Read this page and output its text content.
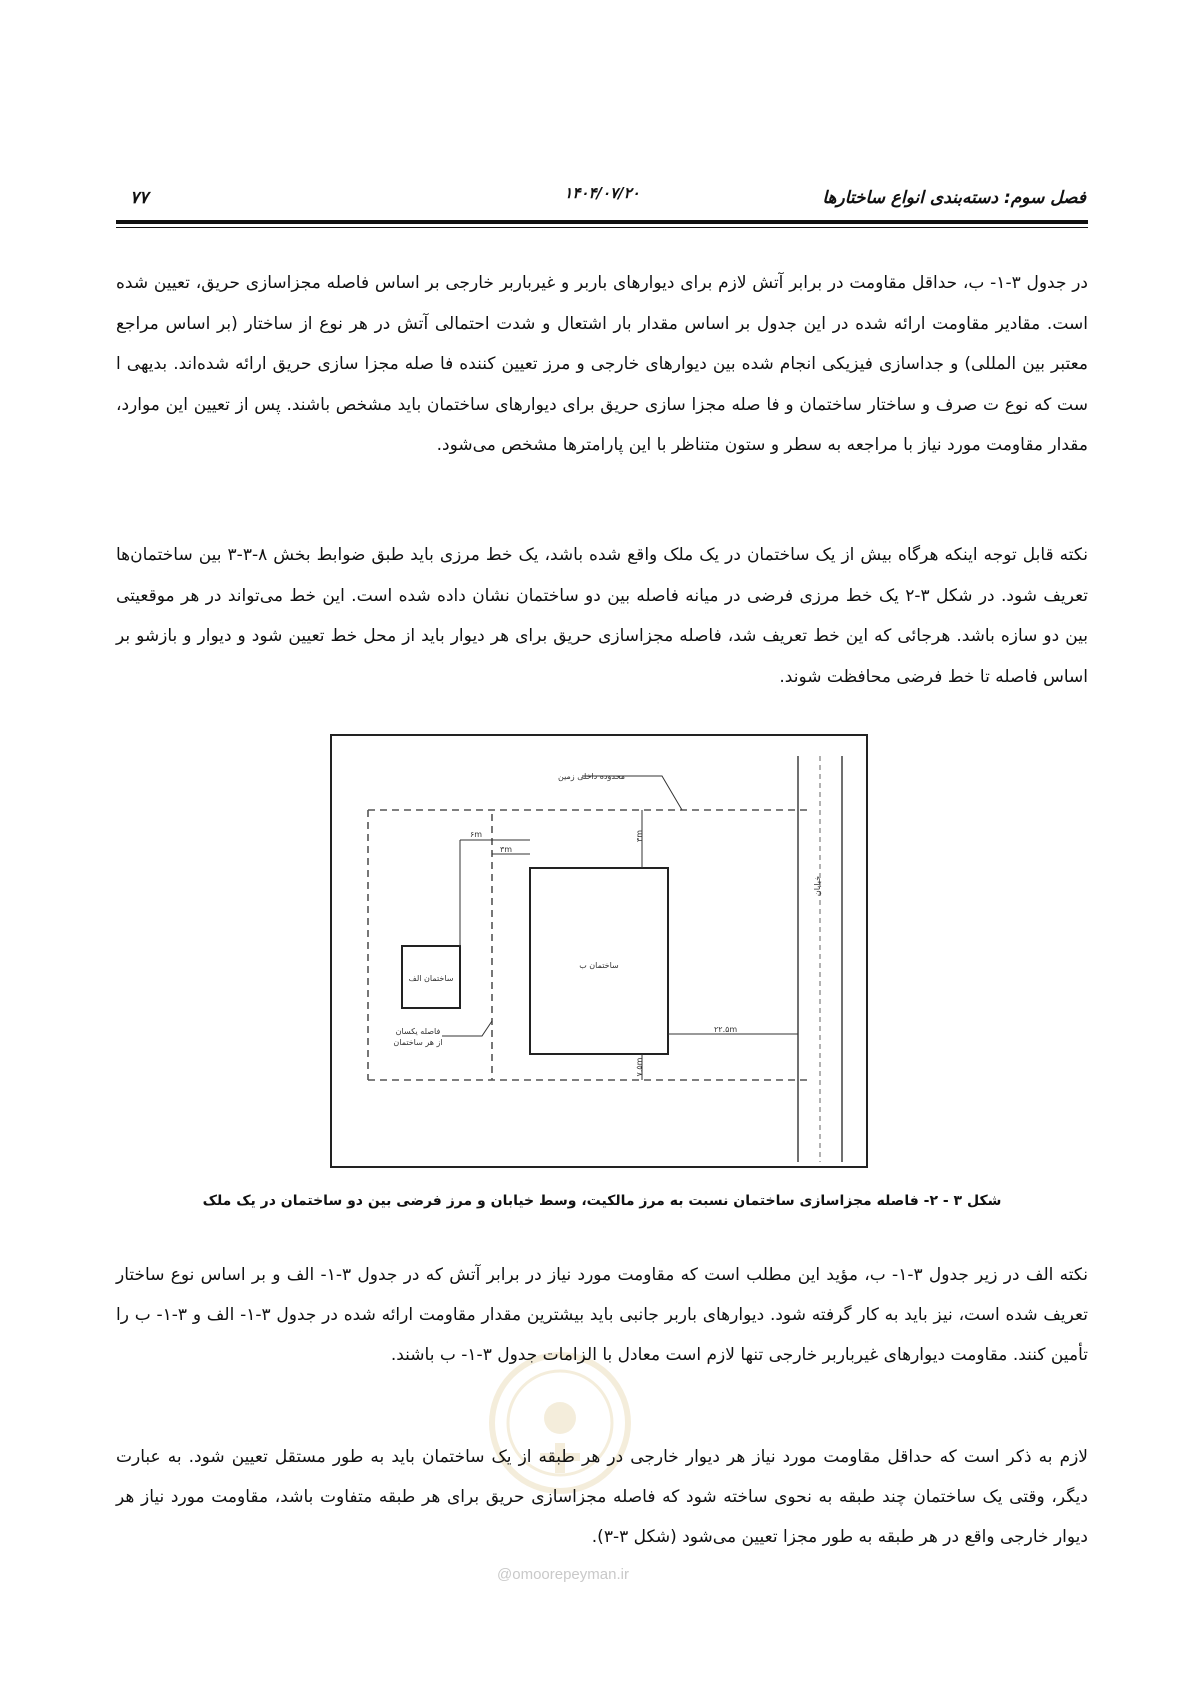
فصل سوم: دسته‌بندی انواع ساختارها
۱۴۰۴/۰۷/۲۰
۷۷

در جدول ۳-۱- ب، حداقل مقاومت در برابر آتش لازم برای دیوارهای باربر و غیرباربر خارجی بر اساس فاصله مجزاسازی حریق، تعیین شده است. مقادیر مقاومت ارائه شده در این جدول بر اساس مقدار بار اشتعال و شدت احتمالی آتش در هر نوع از ساختار (بر اساس مراجع معتبر بین المللی) و جداسازی فیزیکی انجام شده بین دیوارهای خارجی و مرز تعیین کننده فا صله مجزا سازی حریق ارائه شده‌اند. بدیهی ا ست که نوع ت صرف و ساختار ساختمان و فا صله مجزا سازی حریق برای دیوارهای ساختمان باید مشخص باشند. پس از تعیین این موارد، مقدار مقاومت مورد نیاز با مراجعه به سطر و ستون متناظر با این پارامترها مشخص می‌شود.

نکته قابل توجه اینکه هرگاه بیش از یک ساختمان در یک ملک واقع شده باشد، یک خط مرزی باید طبق ضوابط بخش ۸-۳-۳ بین ساختمان‌ها تعریف شود. در شکل ۳-۲ یک خط مرزی فرضی در میانه فاصله بین دو ساختمان نشان داده شده است. این خط می‌تواند در هر موقعیتی بین دو سازه باشد. هرجائی که این خط تعریف شد، فاصله مجزاسازی حریق برای هر دیوار باید از محل خط تعیین شود و دیوار و بازشو بر اساس فاصله تا خط فرضی محافظت شوند.

ساختمان الف
ساختمان ب
محدوده داخلی زمین
خیابان
۶m
۳m
۳m
۲۲.۵m
۷.۵m
فاصله یکسان
از هر ساختمان
شکل ۳ - ۲- فاصله مجزاسازی ساختمان نسبت به مرز مالکیت، وسط خیابان و مرز فرضی بین دو ساختمان در یک ملک
@omoorepeyman.ir

نکته الف در زیر جدول ۳-۱- ب، مؤید این مطلب است که مقاومت مورد نیاز در برابر آتش که در جدول ۳-۱- الف و بر اساس نوع ساختار تعریف شده است، نیز باید به کار گرفته شود. دیوارهای باربر جانبی باید بیشترین مقدار مقاومت ارائه شده در جدول ۳-۱- الف و ۳-۱- ب را تأمین کنند. مقاومت دیوارهای غیرباربر خارجی تنها لازم است معادل با الزامات جدول ۳-۱- ب باشند.

لازم به ذکر است که حداقل مقاومت مورد نیاز هر دیوار خارجی در هر طبقه از یک ساختمان باید به طور مستقل تعیین شود. به عبارت دیگر، وقتی یک ساختمان چند طبقه به نحوی ساخته شود که فاصله مجزاسازی حریق برای هر طبقه متفاوت باشد، مقاومت مورد نیاز هر دیوار خارجی واقع در هر طبقه به طور مجزا تعیین می‌شود (شکل ۳-۳).
